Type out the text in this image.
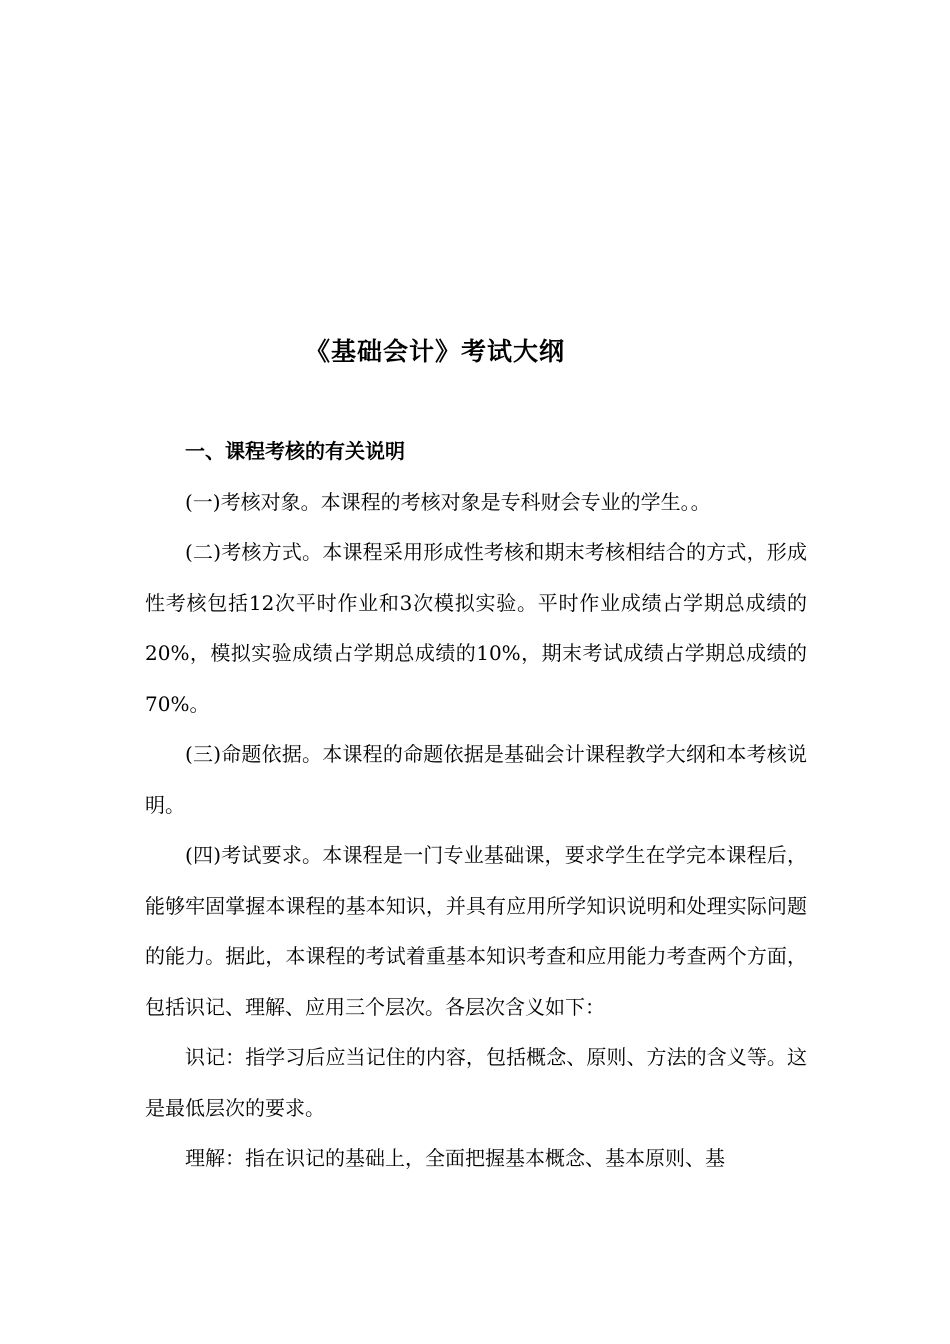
《基础会计》考试大纲
一、课程考核的有关说明

(一)考核对象。本课程的考核对象是专科财会专业的学生。。

(二)考核方式。本课程采用形成性考核和期末考核相结合的方式，形成性考核包括12次平时作业和3次模拟实验。平时作业成绩占学期总成绩的20%，模拟实验成绩占学期总成绩的10%，期末考试成绩占学期总成绩的70%。

(三)命题依据。本课程的命题依据是基础会计课程教学大纲和本考核说明。

(四)考试要求。本课程是一门专业基础课，要求学生在学完本课程后，能够牢固掌握本课程的基本知识，并具有应用所学知识说明和处理实际问题的能力。据此，本课程的考试着重基本知识考查和应用能力考查两个方面，包括识记、理解、应用三个层次。各层次含义如下：

识记：指学习后应当记住的内容，包括概念、原则、方法的含义等。这是最低层次的要求。

理解：指在识记的基础上，全面把握基本概念、基本原则、基
